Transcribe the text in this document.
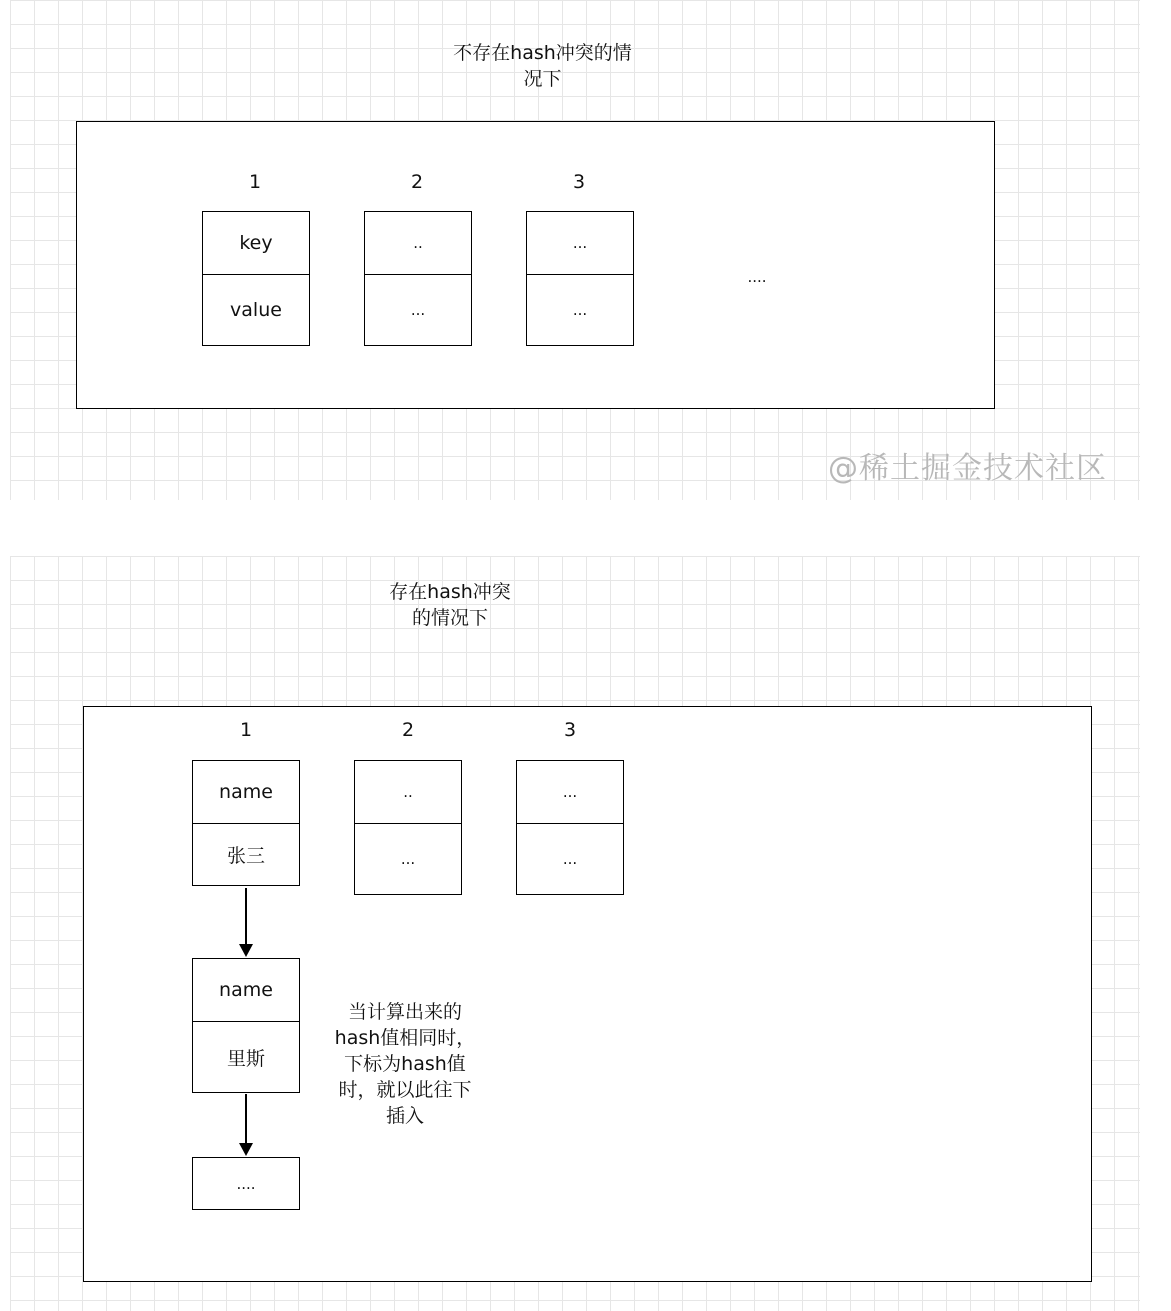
不存在hash冲突的情
况下
1	2	3
key
value
..
...
...
...
....
@稀土掘金技术社区
存在hash冲突
的情况下
1	2	3
name
张三
..
...
...
...
name
里斯
....
当计算出来的
hash值相同时，
下标为hash值
时，就以此往下
插入
